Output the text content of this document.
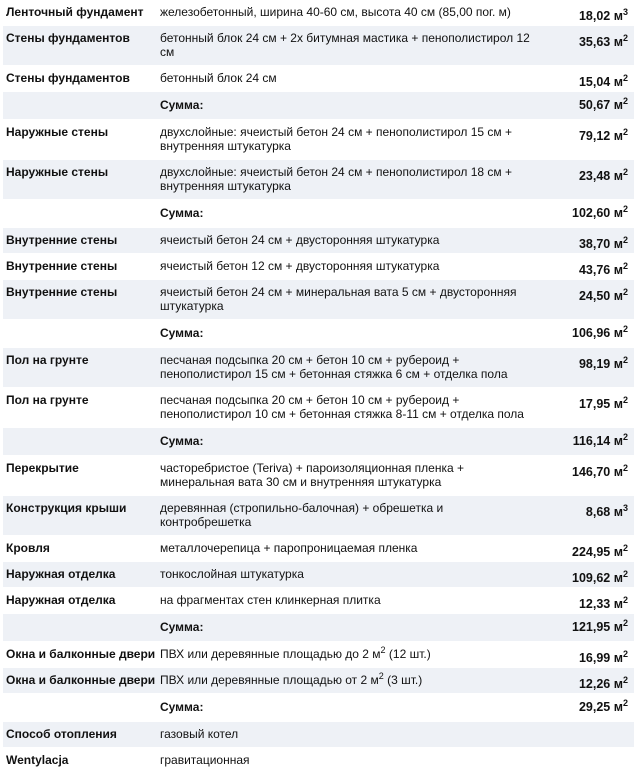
Ленточный фундамент	железобетонный, ширина 40-60 см, высота 40 см (85,00 пог. м)	18,02 $м^3$
Стены фундаментов	бетонный блок 24 см + 2х битумная мастика + пенополистирол 12 см	35,63 $м^2$
Стены фундаментов	бетонный блок 24 см	15,04 $м^2$
	Сумма:	50,67 $м^2$
Наружные стены	двухслойные: ячеистый бетон 24 см + пенополистирол 15 см + внутренняя штукатурка	79,12 $м^2$
Наружные стены	двухслойные: ячеистый бетон 24 см + пенополистирол 18 см + внутренняя штукатурка	23,48 $м^2$
	Сумма:	102,60 $м^2$
Внутренние стены	ячеистый бетон 24 см + двусторонняя штукатурка	38,70 $м^2$
Внутренние стены	ячеистый бетон 12 см + двусторонняя штукатурка	43,76 $м^2$
Внутренние стены	ячеистый бетон 24 см + минеральная вата 5 см + двусторонняя штукатурка	24,50 $м^2$
	Сумма:	106,96 $м^2$
Пол на грунте	песчаная подсыпка 20 см + бетон 10 см + рубероид + пенополистирол 15 см + бетонная стяжка 6 см + отделка пола	98,19 $м^2$
Пол на грунте	песчаная подсыпка 20 см + бетон 10 см + рубероид + пенополистирол 10 см + бетонная стяжка 8-11 см + отделка пола	17,95 $м^2$
	Сумма:	116,14 $м^2$
Перекрытие	часторебристое (Teriva) + пароизоляционная пленка + минеральная вата 30 см и внутренняя штукатурка	146,70 $м^2$
Конструкция крыши	деревянная (стропильно-балочная) + обрешетка и контробрешетка	8,68 $м^3$
Кровля	металлочерепица + паропроницаемая пленка	224,95 $м^2$
Наружная отделка	тонкослойная штукатурка	109,62 $м^2$
Наружная отделка	на фрагментах стен клинкерная плитка	12,33 $м^2$
	Сумма:	121,95 $м^2$
Окна и балконные двери	ПВХ или деревянные площадью до 2 $м^2$ (12 шт.)	16,99 $м^2$
Окна и балконные двери	ПВХ или деревянные площадью от 2 $м^2$ (3 шт.)	12,26 $м^2$
	Сумма:	29,25 $м^2$
Способ отопления	газовый котел	
Wentylacja	гравитационная	
